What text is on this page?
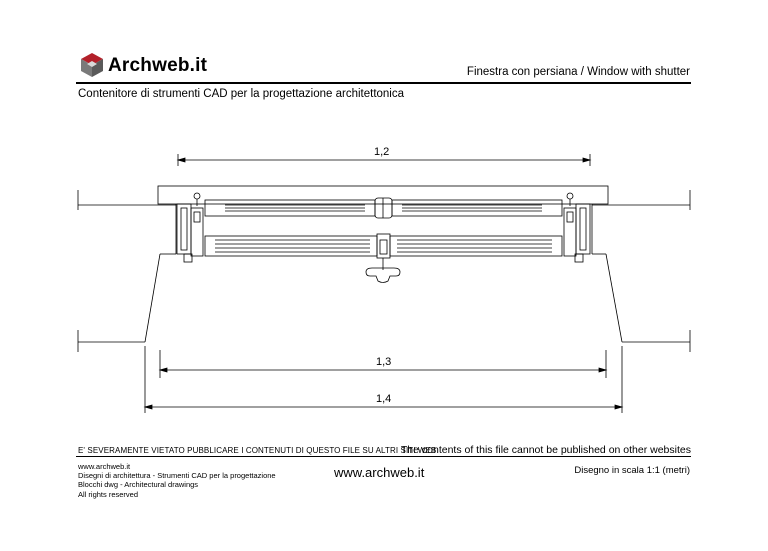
Archweb.it	Finestra con persiana / Window with shutter
Contenitore di strumenti CAD per la progettazione architettonica
1,2
1,3
1,4
E' SEVERAMENTE VIETATO PUBBLICARE I CONTENUTI DI QUESTO FILE SU ALTRI SITI WEB
The contents of this file cannot be published on other websites
www.archweb.it
Disegni di architettura - Strumenti CAD per la progettazione
Blocchi dwg - Architectural drawings
All rights reserved
www.archweb.it	Disegno in scala 1:1 (metri)
